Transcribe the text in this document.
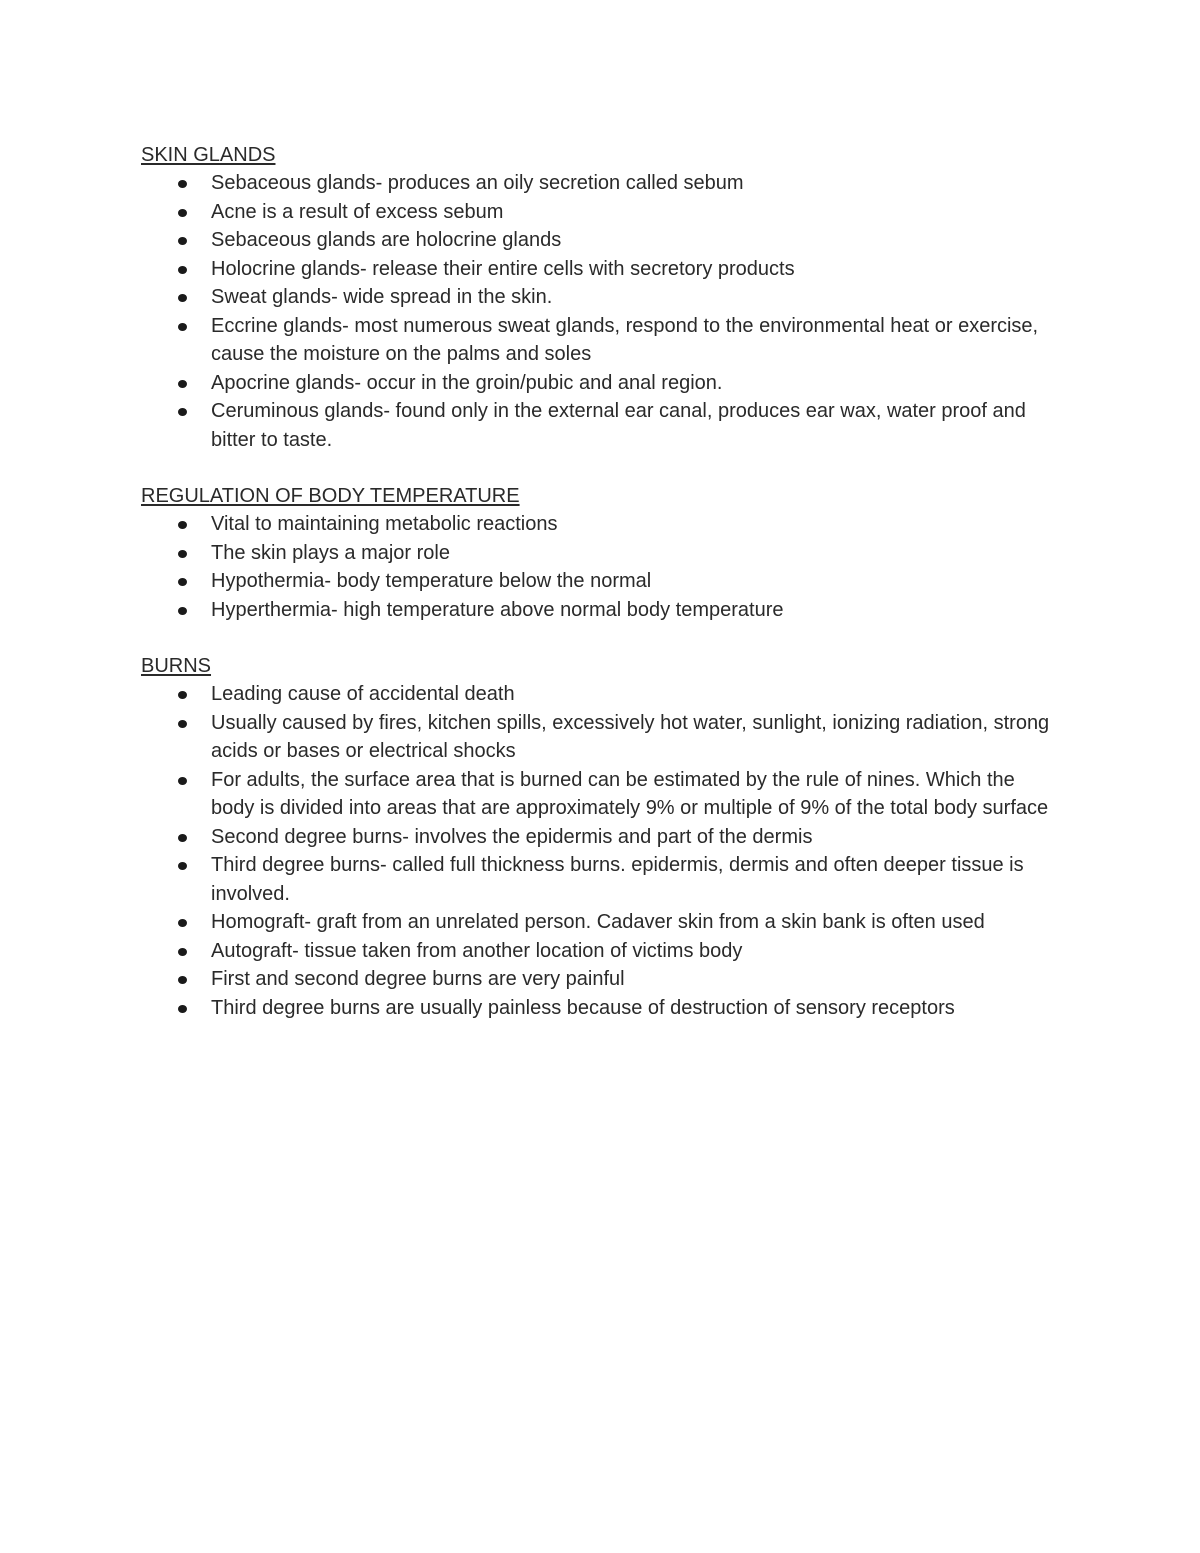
SKIN GLANDS
Sebaceous glands- produces an oily secretion called sebum
Acne is a result of excess sebum
Sebaceous glands are holocrine glands
Holocrine glands- release their entire cells with secretory products
Sweat glands- wide spread in the skin.
Eccrine glands- most numerous sweat glands, respond to the environmental heat or exercise, cause the moisture on the palms and soles
Apocrine glands- occur in the groin/pubic and anal region.
Ceruminous glands- found only in the external ear canal, produces ear wax, water proof and bitter to taste.
REGULATION OF BODY TEMPERATURE
Vital to maintaining metabolic reactions
The skin plays a major role
Hypothermia- body temperature below the normal
Hyperthermia- high temperature above normal body temperature
BURNS
Leading cause of accidental death
Usually caused by fires, kitchen spills, excessively hot water, sunlight, ionizing radiation, strong acids or bases or electrical shocks
For adults, the surface area that is burned can be estimated by the rule of nines. Which the body is divided into areas that are approximately 9% or multiple of 9% of the total body surface
Second degree burns- involves the epidermis and part of the dermis
Third degree burns- called full thickness burns. epidermis, dermis and often deeper tissue is involved.
Homograft- graft from an unrelated person. Cadaver skin from a skin bank is often used
Autograft- tissue taken from another location of victims body
First and second degree burns are very painful
Third degree burns are usually painless because of destruction of sensory receptors
